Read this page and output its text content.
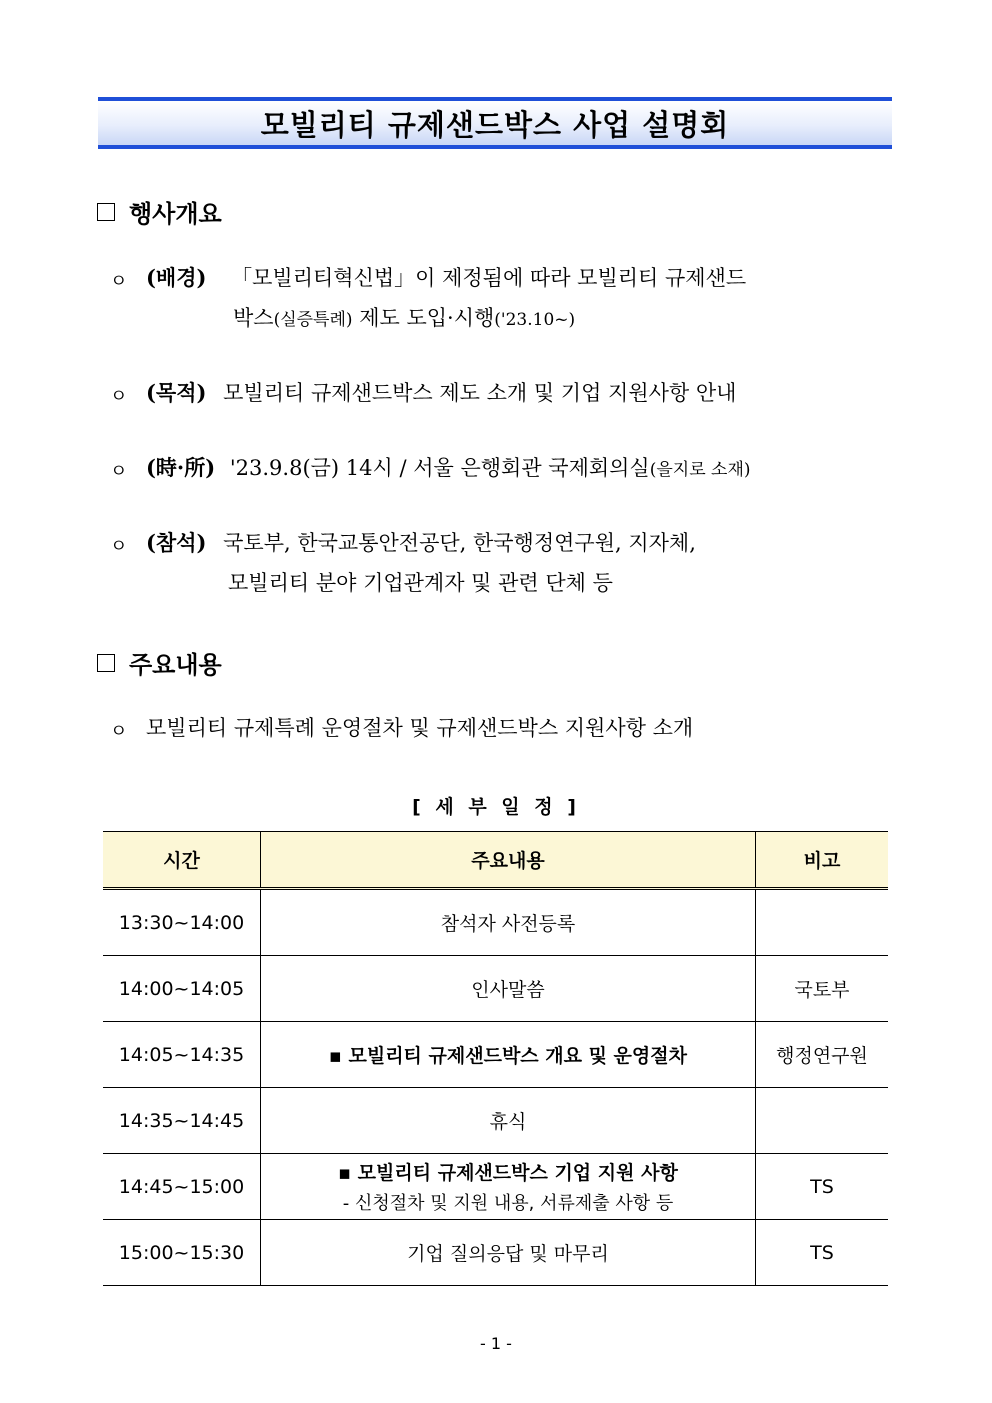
모빌리티 규제샌드박스 사업 설명회
행사개요
ㅇ (배경) 「모빌리티혁신법」이 제정됨에 따라 모빌리티 규제샌드
박스(실증특례) 제도 도입·시행('23.10~)
ㅇ (목적) 모빌리티 규제샌드박스 제도 소개 및 기업 지원사항 안내
ㅇ (時·所) '23.9.8(금) 14시 / 서울 은행회관 국제회의실(을지로 소재)
ㅇ (참석) 국토부, 한국교통안전공단, 한국행정연구원, 지자체,
모빌리티 분야 기업관계자 및 관련 단체 등
주요내용
ㅇ 모빌리티 규제특례 운영절차 및 규제샌드박스 지원사항 소개
[ 세 부 일 정 ]
시간	주요내용	비고
13:30~14:00	참석자 사전등록	
14:00~14:05	인사말씀	국토부
14:05~14:35	▪ 모빌리티 규제샌드박스 개요 및 운영절차	행정연구원
14:35~14:45	휴식	
14:45~15:00	▪ 모빌리티 규제샌드박스 기업 지원 사항
- 신청절차 및 지원 내용, 서류제출 사항 등	TS
15:00~15:30	기업 질의응답 및 마무리	TS
- 1 -
